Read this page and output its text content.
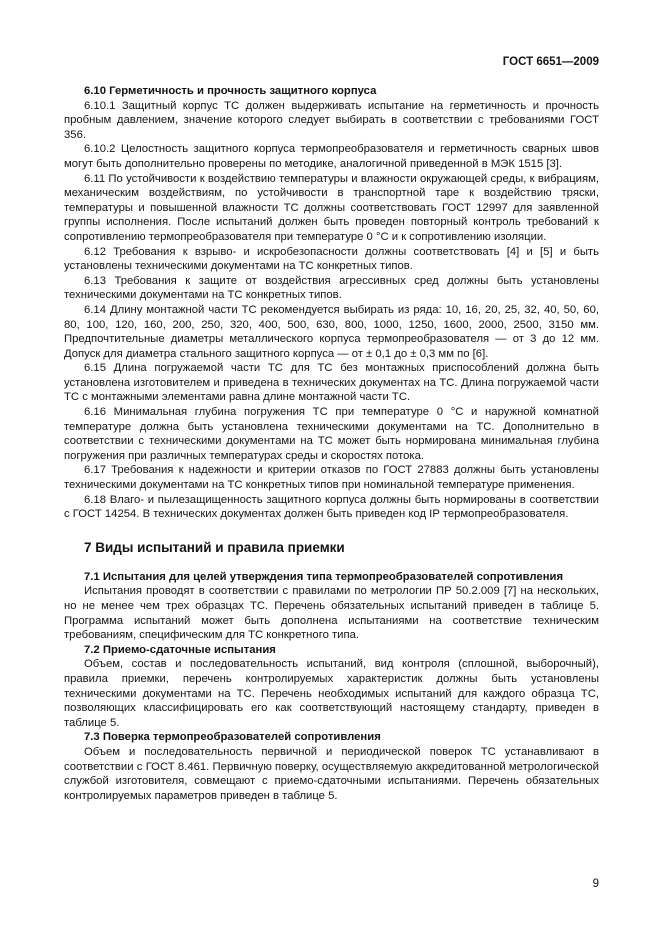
ГОСТ 6651—2009

6.10 Герметичность и прочность защитного корпуса

6.10.1 Защитный корпус ТС должен выдерживать испытание на герметичность и прочность пробным давлением, значение которого следует выбирать в соответствии с требованиями ГОСТ 356.

6.10.2 Целостность защитного корпуса термопреобразователя и герметичность сварных швов могут быть дополнительно проверены по методике, аналогичной приведенной в МЭК 1515 [3].

6.11 По устойчивости к воздействию температуры и влажности окружающей среды, к вибрациям, механическим воздействиям, по устойчивости в транспортной таре к воздействию тряски, температуры и повышенной влажности ТС должны соответствовать ГОСТ 12997 для заявленной группы исполнения. После испытаний должен быть проведен повторный контроль требований к сопротивлению термопреобразователя при температуре 0 °С и к сопротивлению изоляции.

6.12 Требования к взрыво- и искробезопасности должны соответствовать [4] и [5] и быть установлены техническими документами на ТС конкретных типов.

6.13 Требования к защите от воздействия агрессивных сред должны быть установлены техническими документами на ТС конкретных типов.

6.14 Длину монтажной части ТС рекомендуется выбирать из ряда: 10, 16, 20, 25, 32, 40, 50, 60, 80, 100, 120, 160, 200, 250, 320, 400, 500, 630, 800, 1000, 1250, 1600, 2000, 2500, 3150 мм. Предпочтительные диаметры металлического корпуса термопреобразователя — от 3 до 12 мм. Допуск для диаметра стального защитного корпуса — от ± 0,1 до ± 0,3 мм по [6].

6.15 Длина погружаемой части ТС для ТС без монтажных приспособлений должна быть установлена изготовителем и приведена в технических документах на ТС. Длина погружаемой части ТС с монтажными элементами равна длине монтажной части ТС.

6.16 Минимальная глубина погружения ТС при температуре 0 °С и наружной комнатной температуре должна быть установлена техническими документами на ТС. Дополнительно в соответствии с техническими документами на ТС может быть нормирована минимальная глубина погружения при различных температурах среды и скоростях потока.

6.17 Требования к надежности и критерии отказов по ГОСТ 27883 должны быть установлены техническими документами на ТС конкретных типов при номинальной температуре применения.

6.18 Влаго- и пылезащищенность защитного корпуса должны быть нормированы в соответствии с ГОСТ 14254. В технических документах должен быть приведен код IP термопреобразователя.

7 Виды испытаний и правила приемки

7.1 Испытания для целей утверждения типа термопреобразователей сопротивления

Испытания проводят в соответствии с правилами по метрологии ПР 50.2.009 [7] на нескольких, но не менее чем трех образцах ТС. Перечень обязательных испытаний приведен в таблице 5. Программа испытаний может быть дополнена испытаниями на соответствие техническим требованиям, специфическим для ТС конкретного типа.

7.2 Приемо-сдаточные испытания

Объем, состав и последовательность испытаний, вид контроля (сплошной, выборочный), правила приемки, перечень контролируемых характеристик должны быть установлены техническими документами на ТС. Перечень необходимых испытаний для каждого образца ТС, позволяющих классифицировать его как соответствующий настоящему стандарту, приведен в таблице 5.

7.3 Поверка термопреобразователей сопротивления

Объем и последовательность первичной и периодической поверок ТС устанавливают в соответствии с ГОСТ 8.461. Первичную поверку, осуществляемую аккредитованной метрологической службой изготовителя, совмещают с приемо-сдаточными испытаниями. Перечень обязательных контролируемых параметров приведен в таблице 5.

9
